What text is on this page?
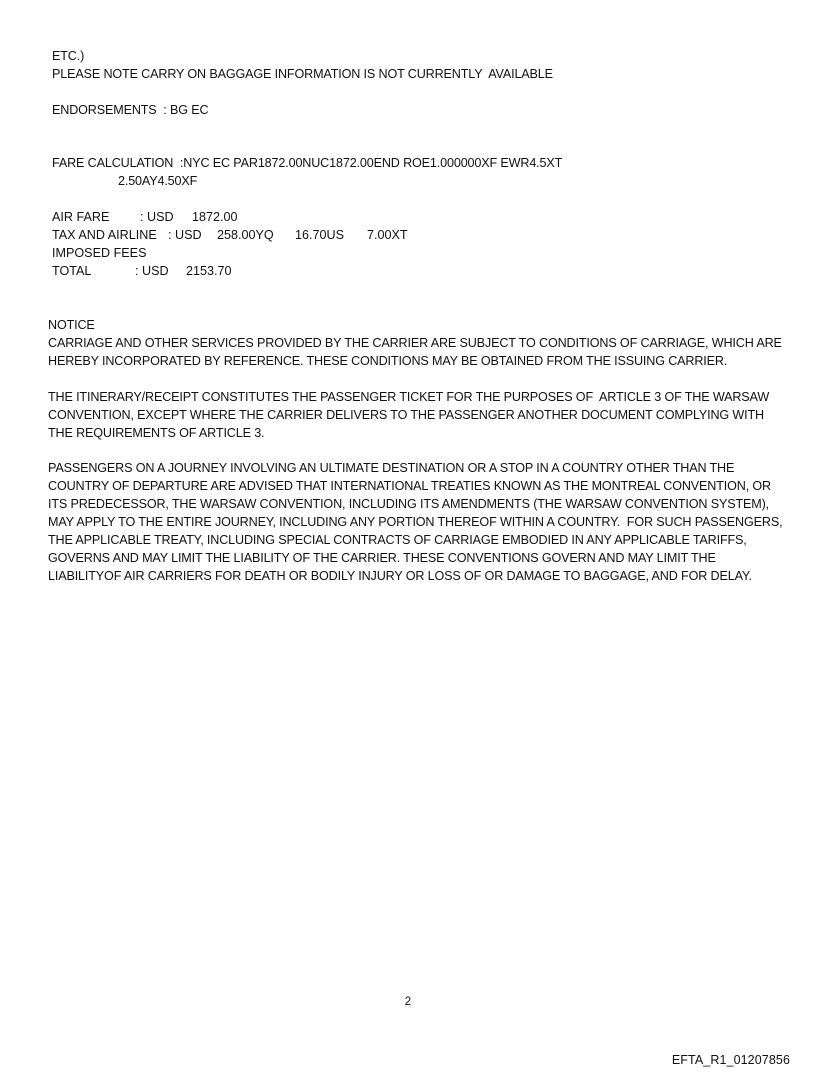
ETC.)
PLEASE NOTE CARRY ON BAGGAGE INFORMATION IS NOT CURRENTLY  AVAILABLE
ENDORSEMENTS  : BG EC
FARE CALCULATION  :NYC EC PAR1872.00NUC1872.00END ROE1.000000XF EWR4.5XT
2.50AY4.50XF
AIR FARE : USD 1872.00
TAX AND AIRLINE : USD 258.00YQ 16.70US 7.00XT
IMPOSED FEES
TOTAL	: USD 2153.70
NOTICE
CARRIAGE AND OTHER SERVICES PROVIDED BY THE CARRIER ARE SUBJECT TO CONDITIONS OF CARRIAGE, WHICH ARE
HEREBY INCORPORATED BY REFERENCE. THESE CONDITIONS MAY BE OBTAINED FROM THE ISSUING CARRIER.
THE ITINERARY/RECEIPT CONSTITUTES THE PASSENGER TICKET FOR THE PURPOSES OF  ARTICLE 3 OF THE WARSAW
CONVENTION, EXCEPT WHERE THE CARRIER DELIVERS TO THE PASSENGER ANOTHER DOCUMENT COMPLYING WITH
THE REQUIREMENTS OF ARTICLE 3.
PASSENGERS ON A JOURNEY INVOLVING AN ULTIMATE DESTINATION OR A STOP IN A COUNTRY OTHER THAN THE
COUNTRY OF DEPARTURE ARE ADVISED THAT INTERNATIONAL TREATIES KNOWN AS THE MONTREAL CONVENTION, OR
ITS PREDECESSOR, THE WARSAW CONVENTION, INCLUDING ITS AMENDMENTS (THE WARSAW CONVENTION SYSTEM),
MAY APPLY TO THE ENTIRE JOURNEY, INCLUDING ANY PORTION THEREOF WITHIN A COUNTRY.  FOR SUCH PASSENGERS,
THE APPLICABLE TREATY, INCLUDING SPECIAL CONTRACTS OF CARRIAGE EMBODIED IN ANY APPLICABLE TARIFFS,
GOVERNS AND MAY LIMIT THE LIABILITY OF THE CARRIER. THESE CONVENTIONS GOVERN AND MAY LIMIT THE
LIABILITYOF AIR CARRIERS FOR DEATH OR BODILY INJURY OR LOSS OF OR DAMAGE TO BAGGAGE, AND FOR DELAY.
2
EFTA_R1_01207856
